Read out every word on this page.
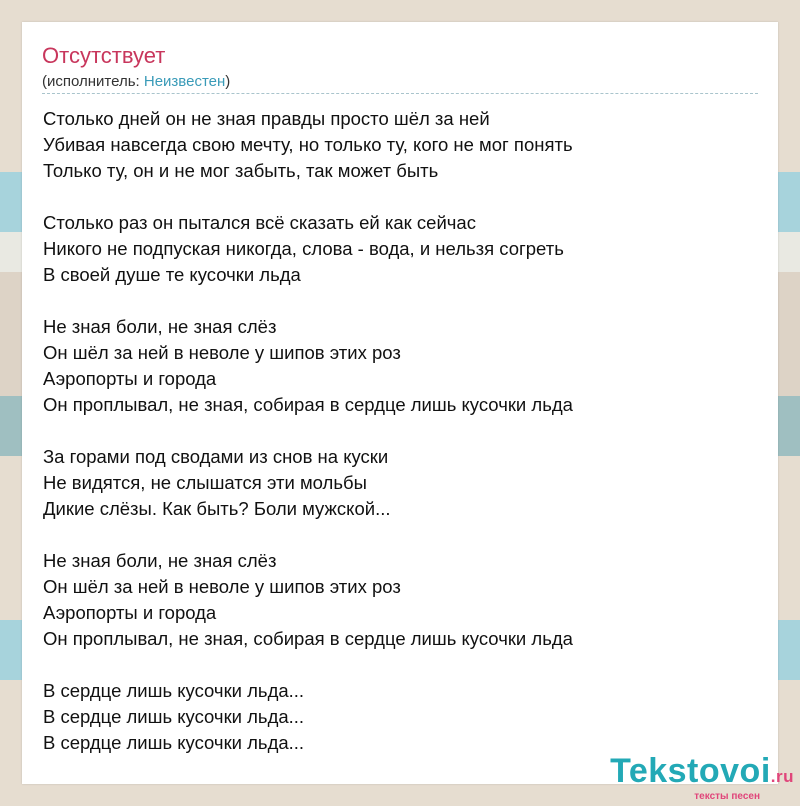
Отсутствует
(исполнитель: Неизвестен)
Столько дней он не зная правды просто шёл за ней
Убивая навсегда свою мечту, но только ту, кого не мог понять
Только ту, он и не мог забыть, так может быть
Столько раз он пытался всё сказать ей как сейчас
Никого не подпуская никогда, слова - вода, и нельзя согреть
В своей душе те кусочки льда
Не зная боли, не зная слёз
Он шёл за ней в неволе у шипов этих роз
Аэропорты и города
Он проплывал, не зная, собирая в сердце лишь кусочки льда
За горами под сводами из снов на куски
Не видятся, не слышатся эти мольбы
Дикие слёзы. Как быть? Боли мужской...
Не зная боли, не зная слёз
Он шёл за ней в неволе у шипов этих роз
Аэропорты и города
Он проплывал, не зная, собирая в сердце лишь кусочки льда
В сердце лишь кусочки льда...
В сердце лишь кусочки льда...
В сердце лишь кусочки льда...
Tekstovoi.ru
тексты песен
